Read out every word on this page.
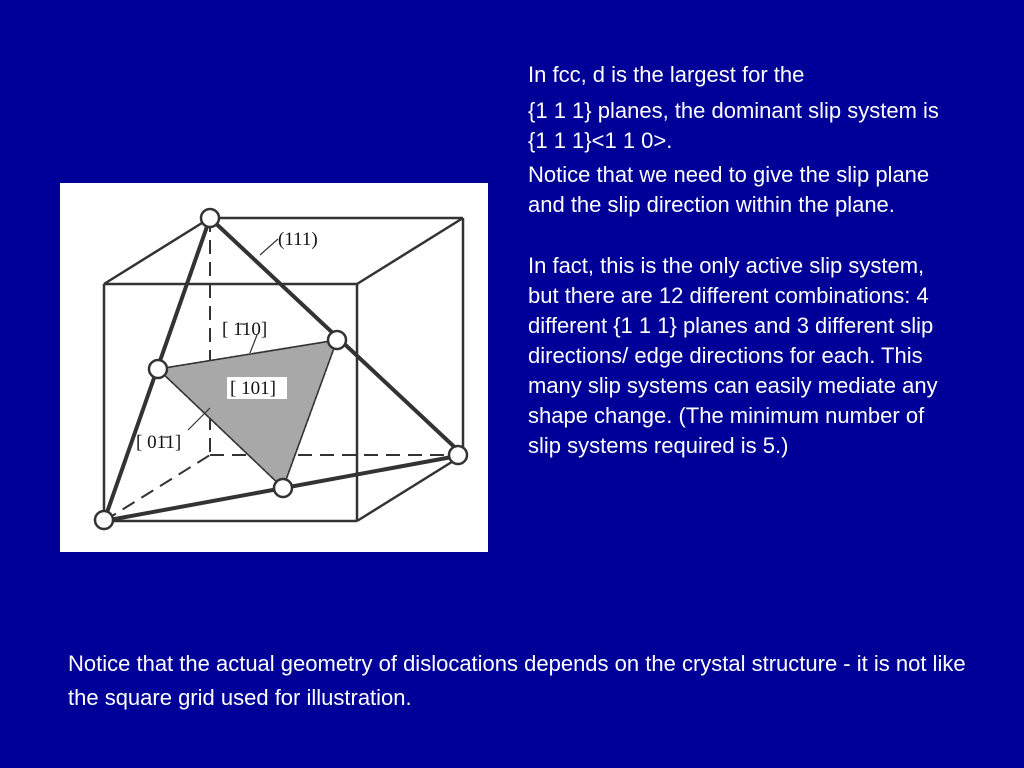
(111)
[ 1̄10]
[ 101]
[ 01̄1]

In fcc, d is the largest for the

{1 1 1} planes, the dominant slip system is {1 1 1}<1 1 0>.

Notice that we need to give the slip plane and the slip direction within the plane.

In fact, this is the only active slip system, but there are 12 different combinations: 4 different {1 1 1} planes and 3 different slip directions/ edge directions for each. This many slip systems can easily mediate any shape change. (The minimum number of slip systems required is 5.)

Notice that the actual geometry of dislocations depends on the crystal structure - it is not like the square grid used for illustration.
